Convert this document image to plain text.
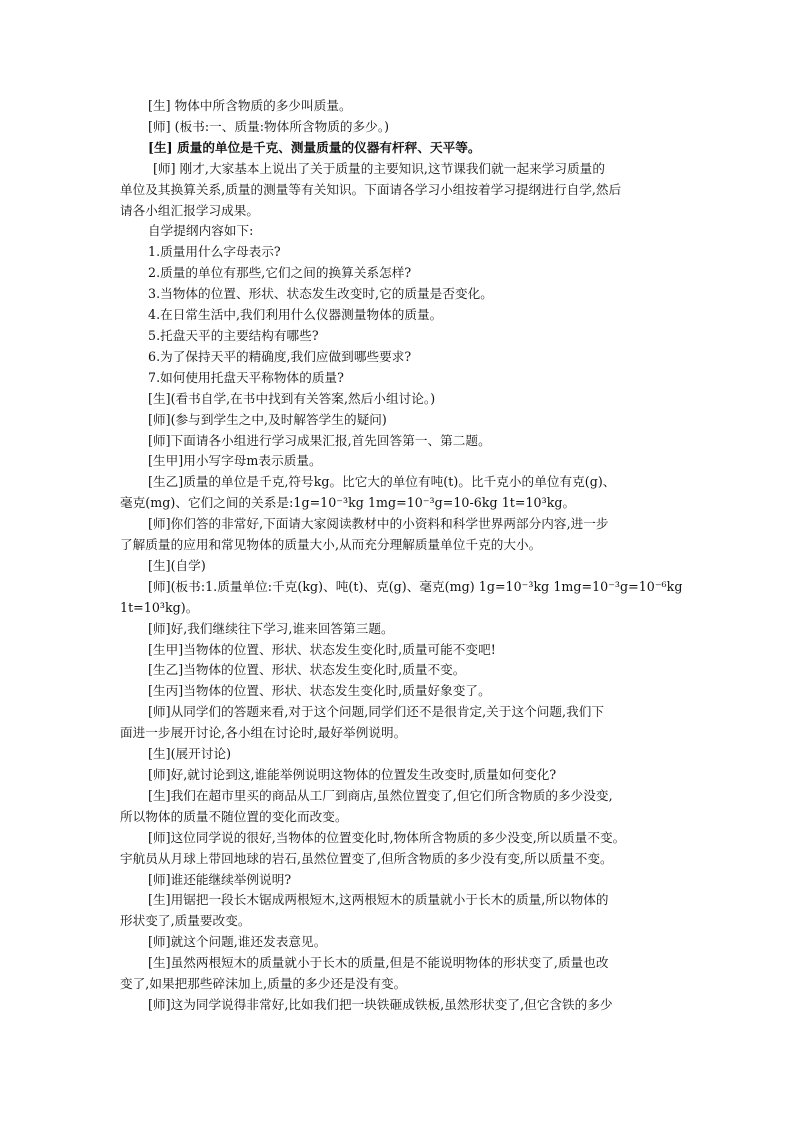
[生] 物体中所含物质的多少叫质量。

[师] (板书:一、质量:物体所含物质的多少。)

[生] 质量的单位是千克、测量质量的仪器有杆秤、天平等。

[师] 刚才,大家基本上说出了关于质量的主要知识,这节课我们就一起来学习质量的

单位及其换算关系,质量的测量等有关知识。下面请各学习小组按着学习提纲进行自学,然后

请各小组汇报学习成果。

自学提纲内容如下:

1.质量用什么字母表示?

2.质量的单位有那些,它们之间的换算关系怎样?

3.当物体的位置、形状、状态发生改变时,它的质量是否变化。

4.在日常生活中,我们利用什么仪器测量物体的质量。

5.托盘天平的主要结构有哪些?

6.为了保持天平的精确度,我们应做到哪些要求?

7.如何使用托盘天平称物体的质量?

[生](看书自学,在书中找到有关答案,然后小组讨论。)

[师](参与到学生之中,及时解答学生的疑问)

[师]下面请各小组进行学习成果汇报,首先回答第一、第二题。

[生甲]用小写字母m表示质量。

[生乙]质量的单位是千克,符号kg。比它大的单位有吨(t)。比千克小的单位有克(g)、

毫克(mg)、它们之间的关系是:1g=10⁻³kg 1mg=10⁻³g=10-6kg 1t=10³kg。

[师]你们答的非常好,下面请大家阅读教材中的小资料和科学世界两部分内容,进一步

了解质量的应用和常见物体的质量大小,从而充分理解质量单位千克的大小。

[生](自学)

[师](板书:1.质量单位:千克(kg)、吨(t)、克(g)、毫克(mg) 1g=10⁻³kg 1mg=10⁻³g=10⁻⁶kg

1t=10³kg)。

[师]好,我们继续往下学习,谁来回答第三题。

[生甲]当物体的位置、形状、状态发生变化时,质量可能不变吧!

[生乙]当物体的位置、形状、状态发生变化时,质量不变。

[生丙]当物体的位置、形状、状态发生变化时,质量好象变了。

[师]从同学们的答题来看,对于这个问题,同学们还不是很肯定,关于这个问题,我们下

面进一步展开讨论,各小组在讨论时,最好举例说明。

[生](展开讨论)

[师]好,就讨论到这,谁能举例说明这物体的位置发生改变时,质量如何变化?

[生]我们在超市里买的商品从工厂到商店,虽然位置变了,但它们所含物质的多少没变,

所以物体的质量不随位置的变化而改变。

[师]这位同学说的很好,当物体的位置变化时,物体所含物质的多少没变,所以质量不变。

宇航员从月球上带回地球的岩石,虽然位置变了,但所含物质的多少没有变,所以质量不变。

[师]谁还能继续举例说明?

[生]用锯把一段长木锯成两根短木,这两根短木的质量就小于长木的质量,所以物体的

形状变了,质量要改变。

[师]就这个问题,谁还发表意见。

[生]虽然两根短木的质量就小于长木的质量,但是不能说明物体的形状变了,质量也改

变了,如果把那些碎沫加上,质量的多少还是没有变。

[师]这为同学说得非常好,比如我们把一块铁砸成铁板,虽然形状变了,但它含铁的多少
